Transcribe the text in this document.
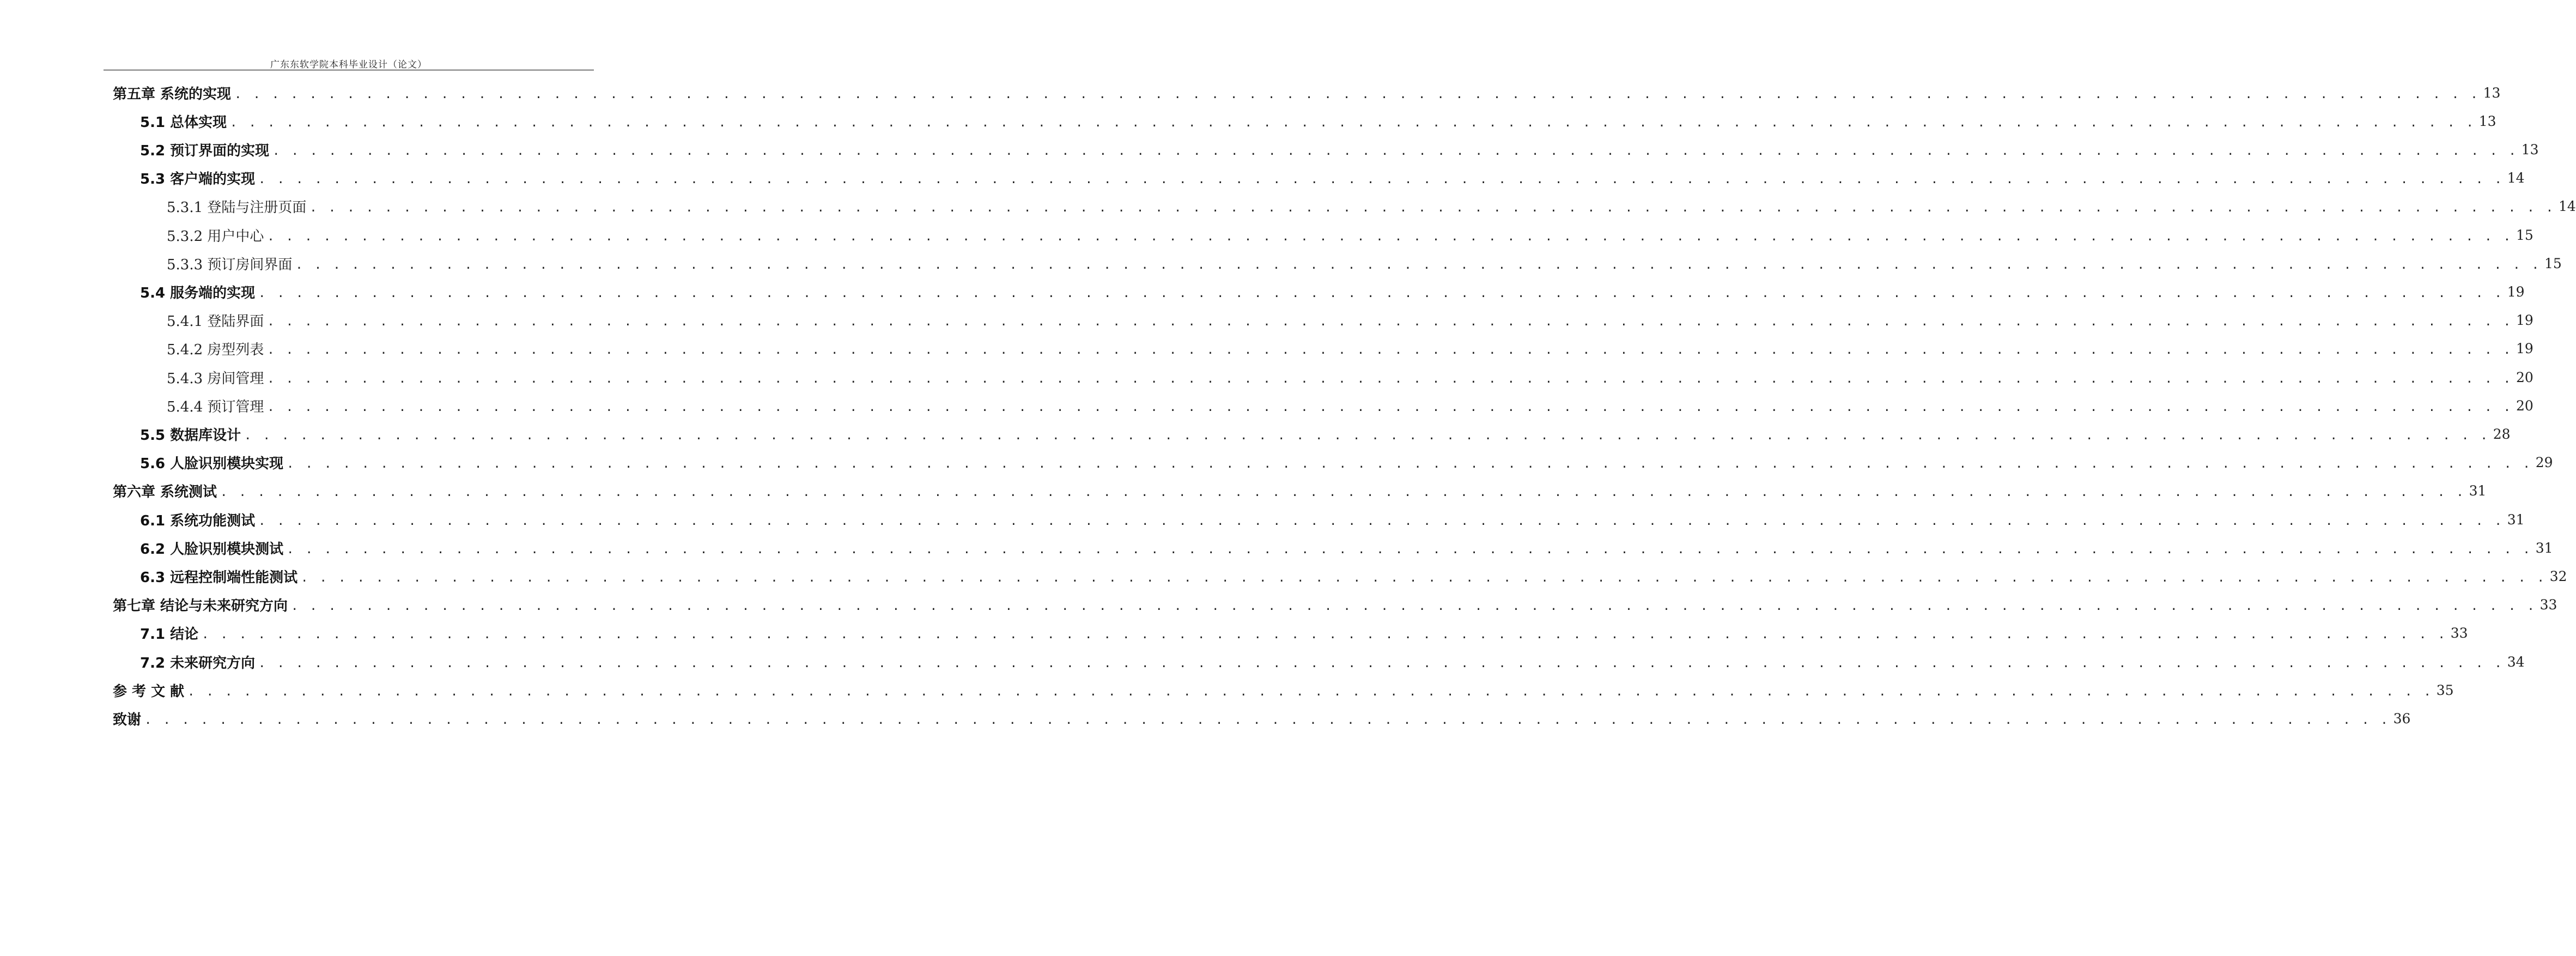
广东东软学院本科毕业设计（论文）
第五章 系统的实现 . . . . . . . . . . . . . . . . . . . . . . . . . . . . . . . . . . . . . . . . . . . . . . . . . . . . . . . . . . . . . . . . . . . . . . . . . . . . . . . . . . . . . . . . . . . . . . . . . . . . . . . . . . . . . . . . . . . . . . . . 13
5.1 总体实现 . . . . . . . . . . . . . . . . . . . . . . . . . . . . . . . . . . . . . . . . . . . . . . . . . . . . . . . . . . . . . . . . . . . . . . . . . . . . . . . . . . . . . . . . . . . . . . . . . . . . . . . . . . . . . . . . . . . . . . . . 13
5.2 预订界面的实现 . . . . . . . . . . . . . . . . . . . . . . . . . . . . . . . . . . . . . . . . . . . . . . . . . . . . . . . . . . . . . . . . . . . . . . . . . . . . . . . . . . . . . . . . . . . . . . . . . . . . . . . . . . . . . . . . . . . . . . . . 13
5.3 客户端的实现 . . . . . . . . . . . . . . . . . . . . . . . . . . . . . . . . . . . . . . . . . . . . . . . . . . . . . . . . . . . . . . . . . . . . . . . . . . . . . . . . . . . . . . . . . . . . . . . . . . . . . . . . . . . . . . . . . . . . . . . . 14
5.3.1 登陆与注册页面 . . . . . . . . . . . . . . . . . . . . . . . . . . . . . . . . . . . . . . . . . . . . . . . . . . . . . . . . . . . . . . . . . . . . . . . . . . . . . . . . . . . . . . . . . . . . . . . . . . . . . . . . . . . . . . . . . . . . . . . . 14
5.3.2 用户中心 . . . . . . . . . . . . . . . . . . . . . . . . . . . . . . . . . . . . . . . . . . . . . . . . . . . . . . . . . . . . . . . . . . . . . . . . . . . . . . . . . . . . . . . . . . . . . . . . . . . . . . . . . . . . . . . . . . . . . . . . 15
5.3.3 预订房间界面 . . . . . . . . . . . . . . . . . . . . . . . . . . . . . . . . . . . . . . . . . . . . . . . . . . . . . . . . . . . . . . . . . . . . . . . . . . . . . . . . . . . . . . . . . . . . . . . . . . . . . . . . . . . . . . . . . . . . . . . . 15
5.4 服务端的实现 . . . . . . . . . . . . . . . . . . . . . . . . . . . . . . . . . . . . . . . . . . . . . . . . . . . . . . . . . . . . . . . . . . . . . . . . . . . . . . . . . . . . . . . . . . . . . . . . . . . . . . . . . . . . . . . . . . . . . . . . 19
5.4.1 登陆界面 . . . . . . . . . . . . . . . . . . . . . . . . . . . . . . . . . . . . . . . . . . . . . . . . . . . . . . . . . . . . . . . . . . . . . . . . . . . . . . . . . . . . . . . . . . . . . . . . . . . . . . . . . . . . . . . . . . . . . . . . 19
5.4.2 房型列表 . . . . . . . . . . . . . . . . . . . . . . . . . . . . . . . . . . . . . . . . . . . . . . . . . . . . . . . . . . . . . . . . . . . . . . . . . . . . . . . . . . . . . . . . . . . . . . . . . . . . . . . . . . . . . . . . . . . . . . . . 19
5.4.3 房间管理 . . . . . . . . . . . . . . . . . . . . . . . . . . . . . . . . . . . . . . . . . . . . . . . . . . . . . . . . . . . . . . . . . . . . . . . . . . . . . . . . . . . . . . . . . . . . . . . . . . . . . . . . . . . . . . . . . . . . . . . . 20
5.4.4 预订管理 . . . . . . . . . . . . . . . . . . . . . . . . . . . . . . . . . . . . . . . . . . . . . . . . . . . . . . . . . . . . . . . . . . . . . . . . . . . . . . . . . . . . . . . . . . . . . . . . . . . . . . . . . . . . . . . . . . . . . . . . 20
5.5 数据库设计 . . . . . . . . . . . . . . . . . . . . . . . . . . . . . . . . . . . . . . . . . . . . . . . . . . . . . . . . . . . . . . . . . . . . . . . . . . . . . . . . . . . . . . . . . . . . . . . . . . . . . . . . . . . . . . . . . . . . . . . . 28
5.6 人脸识别模块实现 . . . . . . . . . . . . . . . . . . . . . . . . . . . . . . . . . . . . . . . . . . . . . . . . . . . . . . . . . . . . . . . . . . . . . . . . . . . . . . . . . . . . . . . . . . . . . . . . . . . . . . . . . . . . . . . . . . . . . . . . 29
第六章 系统测试 . . . . . . . . . . . . . . . . . . . . . . . . . . . . . . . . . . . . . . . . . . . . . . . . . . . . . . . . . . . . . . . . . . . . . . . . . . . . . . . . . . . . . . . . . . . . . . . . . . . . . . . . . . . . . . . . . . . . . . . . 31
6.1 系统功能测试 . . . . . . . . . . . . . . . . . . . . . . . . . . . . . . . . . . . . . . . . . . . . . . . . . . . . . . . . . . . . . . . . . . . . . . . . . . . . . . . . . . . . . . . . . . . . . . . . . . . . . . . . . . . . . . . . . . . . . . . . 31
6.2 人脸识别模块测试 . . . . . . . . . . . . . . . . . . . . . . . . . . . . . . . . . . . . . . . . . . . . . . . . . . . . . . . . . . . . . . . . . . . . . . . . . . . . . . . . . . . . . . . . . . . . . . . . . . . . . . . . . . . . . . . . . . . . . . . . 31
6.3 远程控制端性能测试 . . . . . . . . . . . . . . . . . . . . . . . . . . . . . . . . . . . . . . . . . . . . . . . . . . . . . . . . . . . . . . . . . . . . . . . . . . . . . . . . . . . . . . . . . . . . . . . . . . . . . . . . . . . . . . . . . . . . . . . . 32
第七章 结论与未来研究方向 . . . . . . . . . . . . . . . . . . . . . . . . . . . . . . . . . . . . . . . . . . . . . . . . . . . . . . . . . . . . . . . . . . . . . . . . . . . . . . . . . . . . . . . . . . . . . . . . . . . . . . . . . . . . . . . . . . . . . . . . 33
7.1 结论 . . . . . . . . . . . . . . . . . . . . . . . . . . . . . . . . . . . . . . . . . . . . . . . . . . . . . . . . . . . . . . . . . . . . . . . . . . . . . . . . . . . . . . . . . . . . . . . . . . . . . . . . . . . . . . . . . . . . . . . . 33
7.2 未来研究方向 . . . . . . . . . . . . . . . . . . . . . . . . . . . . . . . . . . . . . . . . . . . . . . . . . . . . . . . . . . . . . . . . . . . . . . . . . . . . . . . . . . . . . . . . . . . . . . . . . . . . . . . . . . . . . . . . . . . . . . . . 34
参 考 文 献 . . . . . . . . . . . . . . . . . . . . . . . . . . . . . . . . . . . . . . . . . . . . . . . . . . . . . . . . . . . . . . . . . . . . . . . . . . . . . . . . . . . . . . . . . . . . . . . . . . . . . . . . . . . . . . . . . . . . . . . . 35
致谢 . . . . . . . . . . . . . . . . . . . . . . . . . . . . . . . . . . . . . . . . . . . . . . . . . . . . . . . . . . . . . . . . . . . . . . . . . . . . . . . . . . . . . . . . . . . . . . . . . . . . . . . . . . . . . . . . . . . . . . . . 36
